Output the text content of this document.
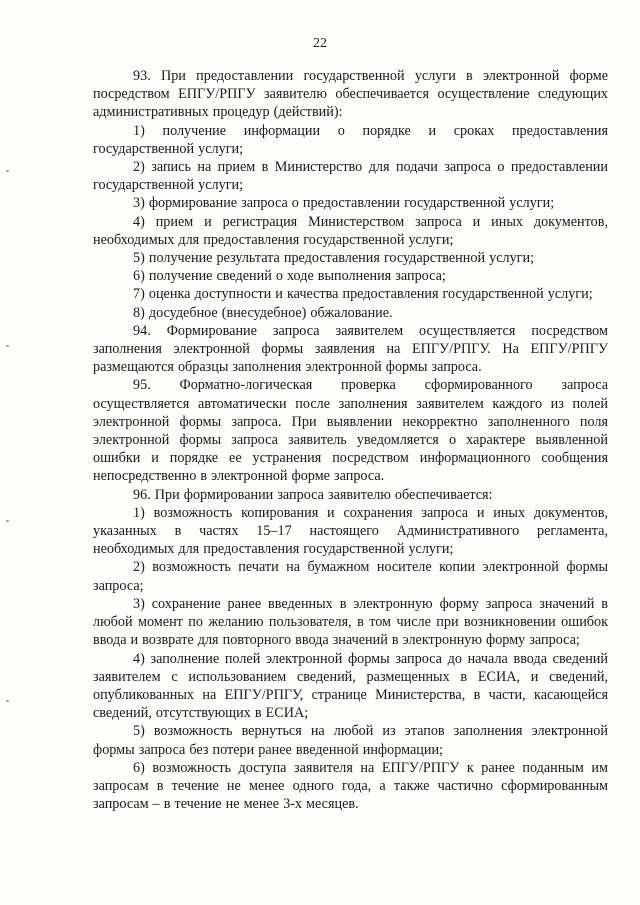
22

93. При предоставлении государственной услуги в электронной форме посредством ЕПГУ/РПГУ заявителю обеспечивается осуществление следующих административных процедур (действий):

1) получение информации о порядке и сроках предоставления государственной услуги;

2) запись на прием в Министерство для подачи запроса о предоставлении государственной услуги;

3) формирование запроса о предоставлении государственной услуги;

4) прием и регистрация Министерством запроса и иных документов, необходимых для предоставления государственной услуги;

5) получение результата предоставления государственной услуги;

6) получение сведений о ходе выполнения запроса;

7) оценка доступности и качества предоставления государственной услуги;

8) досудебное (внесудебное) обжалование.

94. Формирование запроса заявителем осуществляется посредством заполнения электронной формы заявления на ЕПГУ/РПГУ. На ЕПГУ/РПГУ размещаются образцы заполнения электронной формы запроса.

95. Форматно-логическая проверка сформированного запроса осуществляется автоматически после заполнения заявителем каждого из полей электронной формы запроса. При выявлении некорректно заполненного поля электронной формы запроса заявитель уведомляется о характере выявленной ошибки и порядке ее устранения посредством информационного сообщения непосредственно в электронной форме запроса.

96. При формировании запроса заявителю обеспечивается:

1) возможность копирования и сохранения запроса и иных документов, указанных в частях 15–17 настоящего Административного регламента, необходимых для предоставления государственной услуги;

2) возможность печати на бумажном носителе копии электронной формы запроса;

3) сохранение ранее введенных в электронную форму запроса значений в любой момент по желанию пользователя, в том числе при возникновении ошибок ввода и возврате для повторного ввода значений в электронную форму запроса;

4) заполнение полей электронной формы запроса до начала ввода сведений заявителем с использованием сведений, размещенных в ЕСИА, и сведений, опубликованных на ЕПГУ/РПГУ, странице Министерства, в части, касающейся сведений, отсутствующих в ЕСИА;

5) возможность вернуться на любой из этапов заполнения электронной формы запроса без потери ранее введенной информации;

6) возможность доступа заявителя на ЕПГУ/РПГУ к ранее поданным им запросам в течение не менее одного года, а также частично сформированным запросам – в течение не менее 3-х месяцев.
